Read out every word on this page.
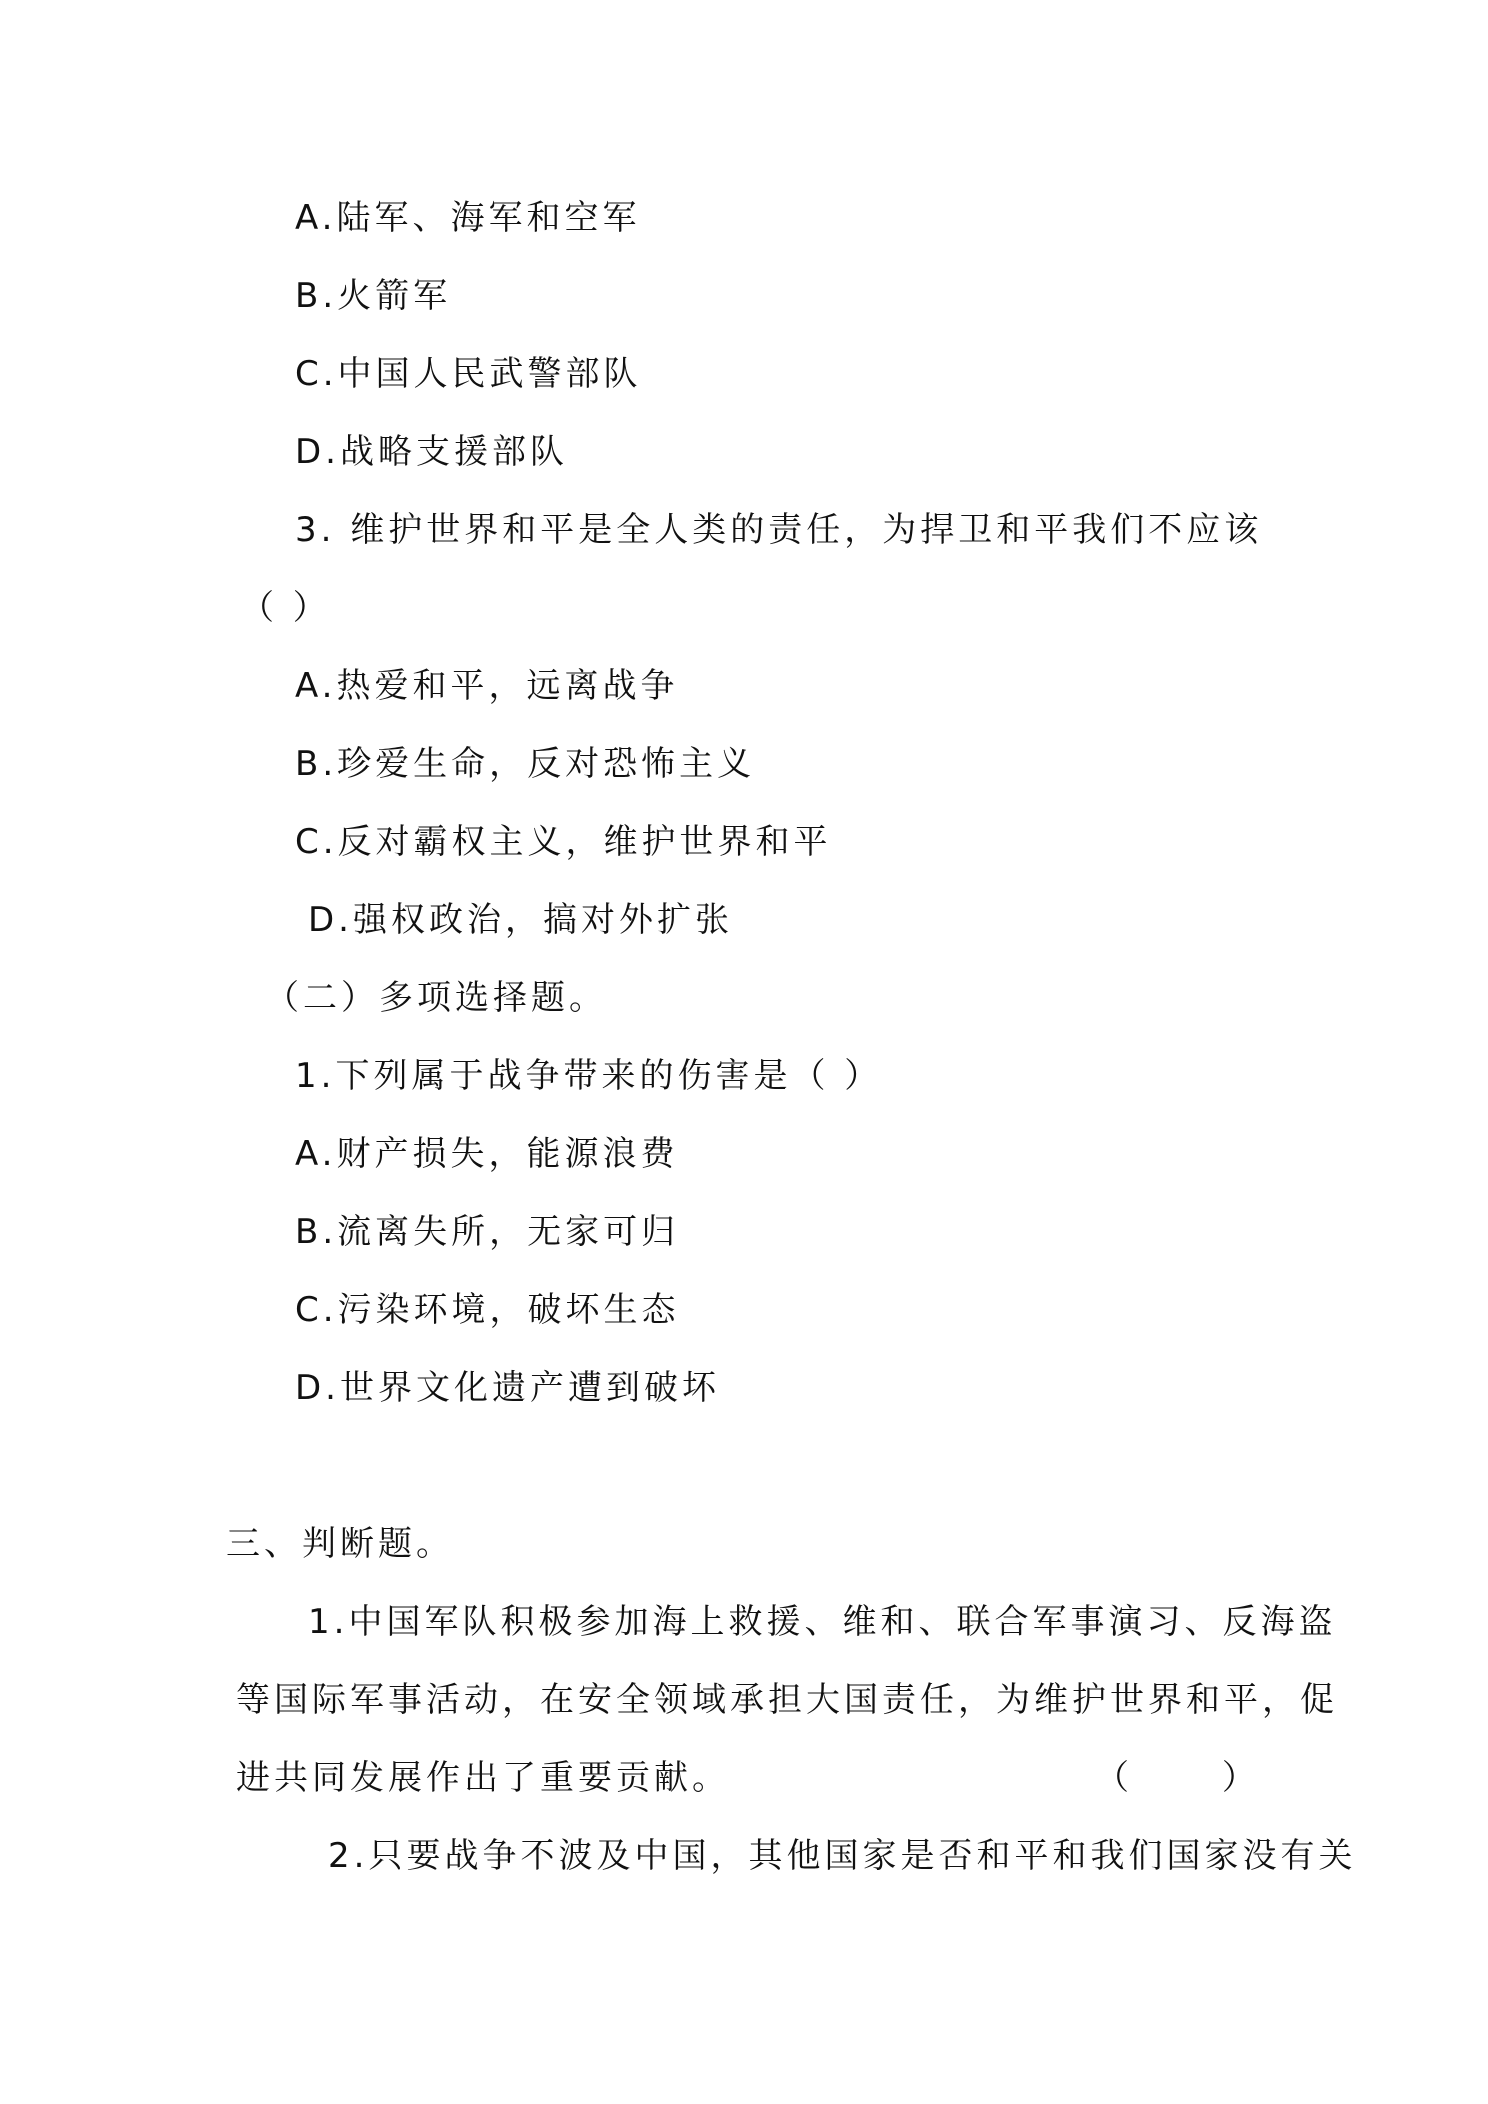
A.陆军、海军和空军
B.火箭军
C.中国人民武警部队
D.战略支援部队
3. 维护世界和平是全人类的责任，为捍卫和平我们不应该
（ ）
A.热爱和平，远离战争
B.珍爱生命，反对恐怖主义
C.反对霸权主义，维护世界和平
D.强权政治，搞对外扩张
（二）多项选择题。
1.下列属于战争带来的伤害是（ ）
A.财产损失，能源浪费
B.流离失所，无家可归
C.污染环境，破坏生态
D.世界文化遗产遭到破坏
三、判断题。
1.中国军队积极参加海上救援、维和、联合军事演习、反海盗
等国际军事活动，在安全领域承担大国责任，为维护世界和平，促
进共同发展作出了重要贡献。	（      ）
2.只要战争不波及中国，其他国家是否和平和我们国家没有关
